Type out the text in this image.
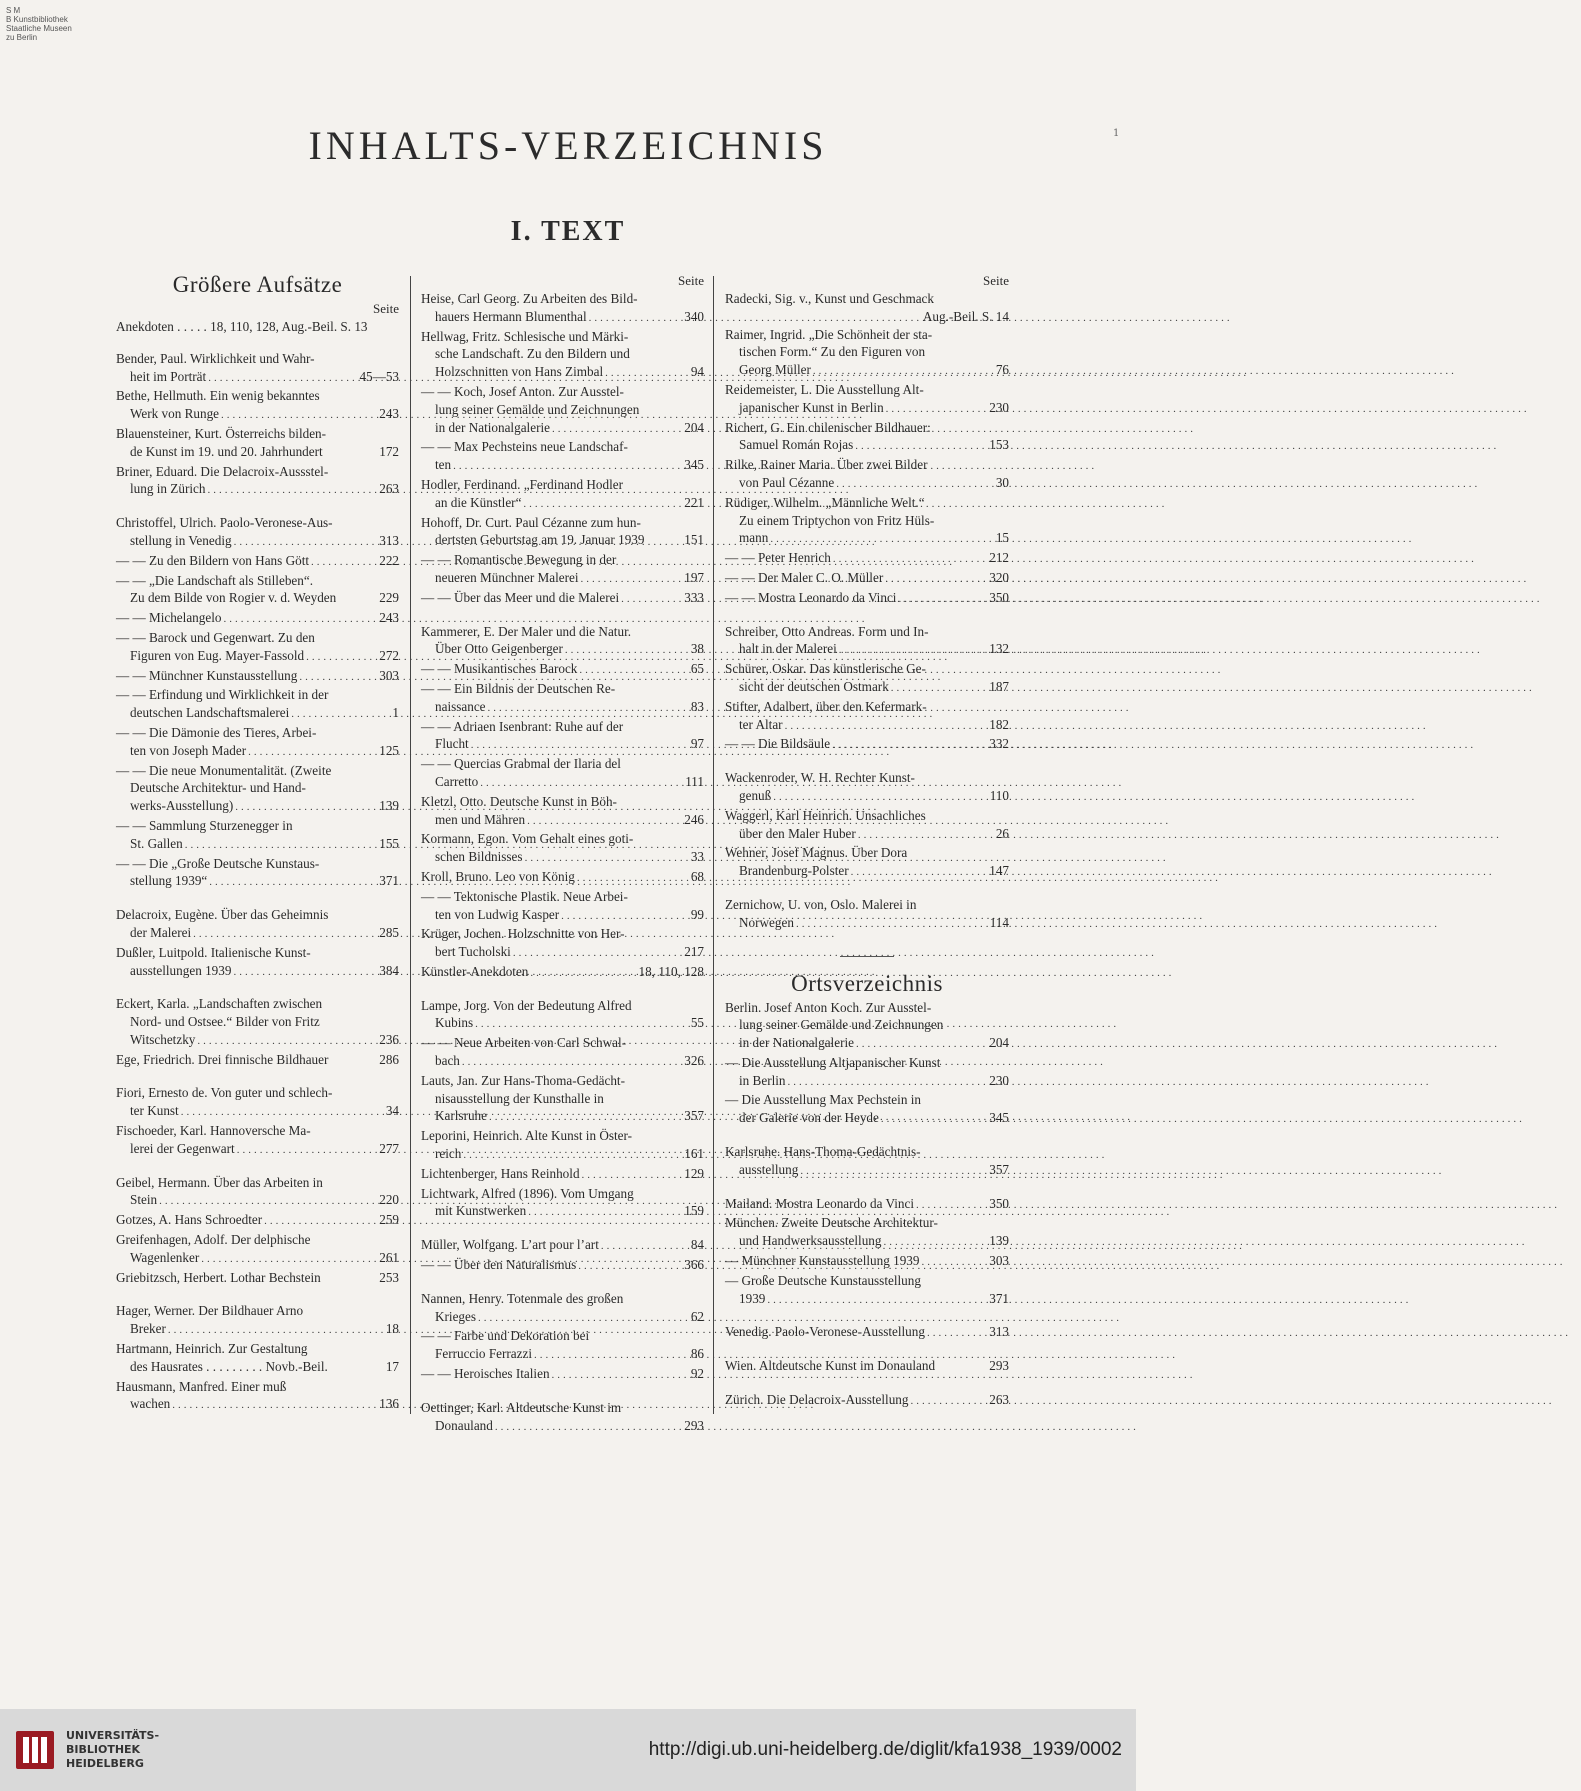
S M
B Kunstbibliothek
Staatliche Museen
zu Berlin
1
INHALTS-VERZEICHNIS
I. TEXT
Größere Aufsätze
Seite
Anekdoten . . . . . 18, 110, 128, Aug.-Beil. S. 13
Bender, Paul. Wirklichkeit und Wahr-
heit im Porträt .....	45—53
Bethe, Hellmuth. Ein wenig bekanntes
Werk von Runge .....	243
Blauensteiner, Kurt. Österreichs bilden-
de Kunst im 19. und 20. Jahrhundert	172
Briner, Eduard. Die Delacroix-Aussstel-
lung in Zürich .....	263
Christoffel, Ulrich. Paolo-Veronese-Aus-
stellung in Venedig .....	313
— — Zu den Bildern von Hans Gött .....	222
— — „Die Landschaft als Stilleben“.
Zu dem Bilde von Rogier v. d. Weyden	229
— — Michelangelo .....	243
— — Barock und Gegenwart. Zu den
Figuren von Eug. Mayer-Fassold .....	272
— — Münchner Kunstausstellung .....	303
— — Erfindung und Wirklichkeit in der
deutschen Landschaftsmalerei .....	1
— — Die Dämonie des Tieres, Arbei-
ten von Joseph Mader .....	125
— — Die neue Monumentalität. (Zweite
Deutsche Architektur- und Hand-
werks-Ausstellung) .....	139
— — Sammlung Sturzenegger in
St. Gallen .....	155
— — Die „Große Deutsche Kunstaus-
stellung 1939“ .....	371
Delacroix, Eugène. Über das Geheimnis
der Malerei .....	285
Dußler, Luitpold. Italienische Kunst-
ausstellungen 1939 .....	384
Eckert, Karla. „Landschaften zwischen
Nord- und Ostsee.“ Bilder von Fritz
Witschetzky .....	236
Ege, Friedrich. Drei finnische Bildhauer	286
Fiori, Ernesto de. Von guter und schlech-
ter Kunst .....	34
Fischoeder, Karl. Hannoversche Ma-
lerei der Gegenwart .....	277
Geibel, Hermann. Über das Arbeiten in
Stein .....	220
Gotzes, A. Hans Schroedter .....	259
Greifenhagen, Adolf. Der delphische
Wagenlenker .....	261
Griebitzsch, Herbert. Lothar Bechstein	253
Hager, Werner. Der Bildhauer Arno
Breker .....	18
Hartmann, Heinrich. Zur Gestaltung
des Hausrates . . . . . . . . . Novb.-Beil.	17
Hausmann, Manfred. Einer muß
wachen .....	136
Seite
Heise, Carl Georg. Zu Arbeiten des Bild-
hauers Hermann Blumenthal .....	340
Hellwag, Fritz. Schlesische und Märki-
sche Landschaft. Zu den Bildern und
Holzschnitten von Hans Zimbal .....	94
— — Koch, Josef Anton. Zur Ausstel-
lung seiner Gemälde und Zeichnungen
in der Nationalgalerie .....	204
— — Max Pechsteins neue Landschaf-
ten .....	345
Hodler, Ferdinand. „Ferdinand Hodler
an die Künstler“ .....	221
Hohoff, Dr. Curt. Paul Cézanne zum hun-
dertsten Geburtstag am 19. Januar 1939	151
— — Romantische Bewegung in der
neueren Münchner Malerei .....	197
— — Über das Meer und die Malerei .....	333
Kammerer, E. Der Maler und die Natur.
Über Otto Geigenberger .....	38
— — Musikantisches Barock .....	65
— — Ein Bildnis der Deutschen Re-
naissance .....	83
— — Adriaen Isenbrant: Ruhe auf der
Flucht .....	97
— — Quercias Grabmal der Ilaria del
Carretto .....	111
Kletzl, Otto. Deutsche Kunst in Böh-
men und Mähren .....	246
Kormann, Egon. Vom Gehalt eines goti-
schen Bildnisses .....	33
Kroll, Bruno. Leo von König .....	68
— — Tektonische Plastik. Neue Arbei-
ten von Ludwig Kasper .....	99
Krüger, Jochen. Holzschnitte von Her-
bert Tucholski .....	217
Künstler-Anekdoten .....	18, 110, 128
Lampe, Jorg. Von der Bedeutung Alfred
Kubins .....	55
— — Neue Arbeiten von Carl Schwal-
bach .....	326
Lauts, Jan. Zur Hans-Thoma-Gedächt-
nisausstellung der Kunsthalle in
Karlsruhe .....	357
Leporini, Heinrich. Alte Kunst in Öster-
reich .....	161
Lichtenberger, Hans Reinhold .....	129
Lichtwark, Alfred (1896). Vom Umgang
mit Kunstwerken .....	159
Müller, Wolfgang. L’art pour l’art .....	84
— — Über den Naturalismus .....	366
Nannen, Henry. Totenmale des großen
Krieges .....	62
— — Farbe und Dekoration bei
Ferruccio Ferrazzi .....	86
— — Heroisches Italien .....	92
Oettinger, Karl. Altdeutsche Kunst im
Donauland .....	293
Seite
Radecki, Sig. v., Kunst und Geschmack
Aug.-Beil. S. 14
Raimer, Ingrid. „Die Schönheit der sta-
tischen Form.“ Zu den Figuren von
Georg Müller .....	76
Reidemeister, L. Die Ausstellung Alt-
japanischer Kunst in Berlin .....	230
Richert, G. Ein chilenischer Bildhauer:
Samuel Román Rojas .....	153
Rilke, Rainer Maria. Über zwei Bilder
von Paul Cézanne .....	30
Rüdiger, Wilhelm. „Männliche Welt.“
Zu einem Triptychon von Fritz Hüls-
mann .....	15
— — Peter Henrich .....	212
— — Der Maler C. O. Müller .....	320
— — Mostra Leonardo da Vinci .....	350
Schreiber, Otto Andreas. Form und In-
halt in der Malerei .....	132
Schürer, Oskar. Das künstlerische Ge-
sicht der deutschen Ostmark .....	187
Stifter, Adalbert, über den Kefermark-
ter Altar .....	182
— — Die Bildsäule .....	332
Wackenroder, W. H. Rechter Kunst-
genuß .....	110
Waggerl, Karl Heinrich. Unsachliches
über den Maler Huber .....	26
Wehner, Josef Magnus. Über Dora
Brandenburg-Polster .....	147
Zernichow, U. von, Oslo. Malerei in
Norwegen .....	114
Ortsverzeichnis
Berlin. Josef Anton Koch. Zur Ausstel-
lung seiner Gemälde und Zeichnungen
in der Nationalgalerie .....	204
— Die Ausstellung Altjapanischer Kunst
in Berlin .....	230
— Die Ausstellung Max Pechstein in
der Galerie von der Heyde .....	345
Karlsruhe. Hans-Thoma-Gedächtnis-
ausstellung .....	357
Mailand. Mostra Leonardo da Vinci .....	350
München. Zweite Deutsche Architektur-
und Handwerksausstellung .....	139
— Münchner Kunstausstellung 1939 .....	303
— Große Deutsche Kunstausstellung
1939 .....	371
Venedig. Paolo-Veronese-Ausstellung .....	313
Wien. Altdeutsche Kunst im Donauland	293
Zürich. Die Delacroix-Ausstellung .....	263
UNIVERSITÄTS-
BIBLIOTHEK
HEIDELBERG
http://digi.ub.uni-heidelberg.de/diglit/kfa1938_1939/0002
